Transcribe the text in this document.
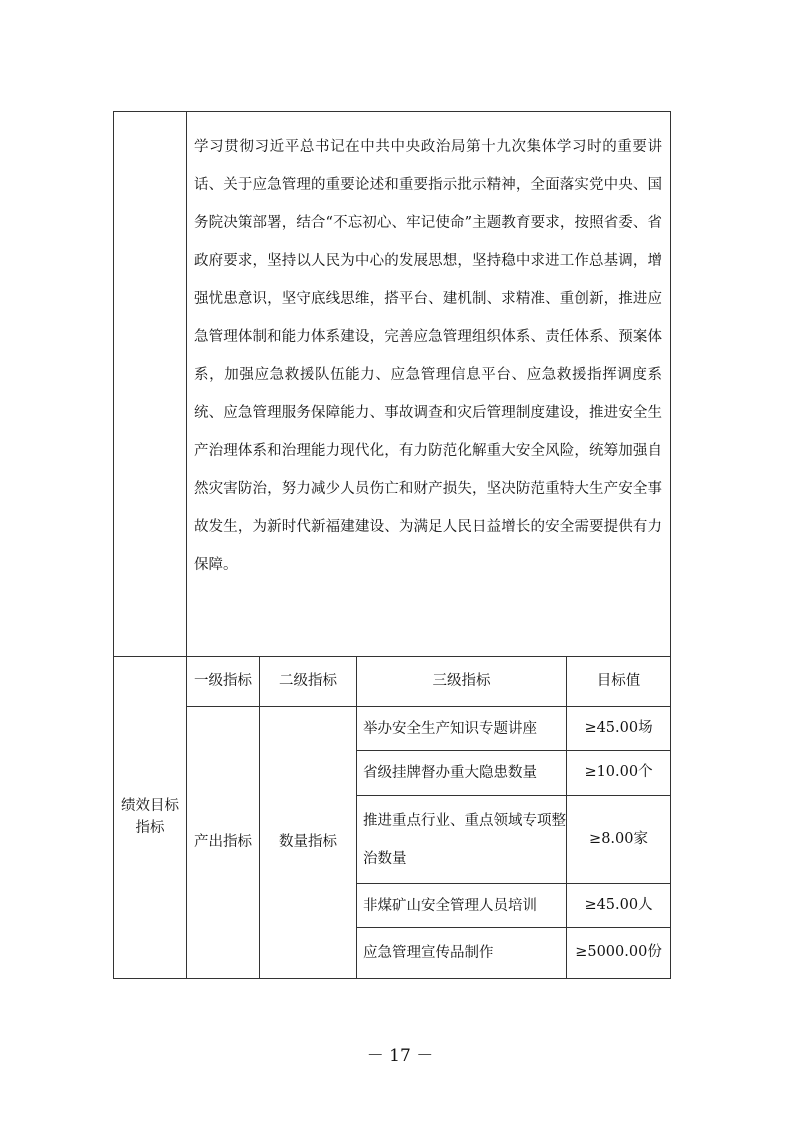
	学习贯彻习近平总书记在中共中央政治局第十九次集体学习时的重要讲话、关于应急管理的重要论述和重要指示批示精神，全面落实党中央、国务院决策部署，结合“不忘初心、牢记使命”主题教育要求，按照省委、省政府要求，坚持以人民为中心的发展思想，坚持稳中求进工作总基调，增强忧患意识，坚守底线思维，搭平台、建机制、求精准、重创新，推进应急管理体制和能力体系建设，完善应急管理组织体系、责任体系、预案体系，加强应急救援队伍能力、应急管理信息平台、应急救援指挥调度系统、应急管理服务保障能力、事故调查和灾后管理制度建设，推进安全生产治理体系和治理能力现代化，有力防范化解重大安全风险，统筹加强自然灾害防治，努力减少人员伤亡和财产损失，坚决防范重特大生产安全事故发生，为新时代新福建建设、为满足人民日益增长的安全需要提供有力保障。			
绩效目标指标	一级指标	二级指标	三级指标	目标值
	产出指标	数量指标	举办安全生产知识专题讲座	≥45.00场
			省级挂牌督办重大隐患数量	≥10.00个
			推进重点行业、重点领域专项整治数量	≥8.00家
			非煤矿山安全管理人员培训	≥45.00人
			应急管理宣传品制作	≥5000.00份
－ 17 －
